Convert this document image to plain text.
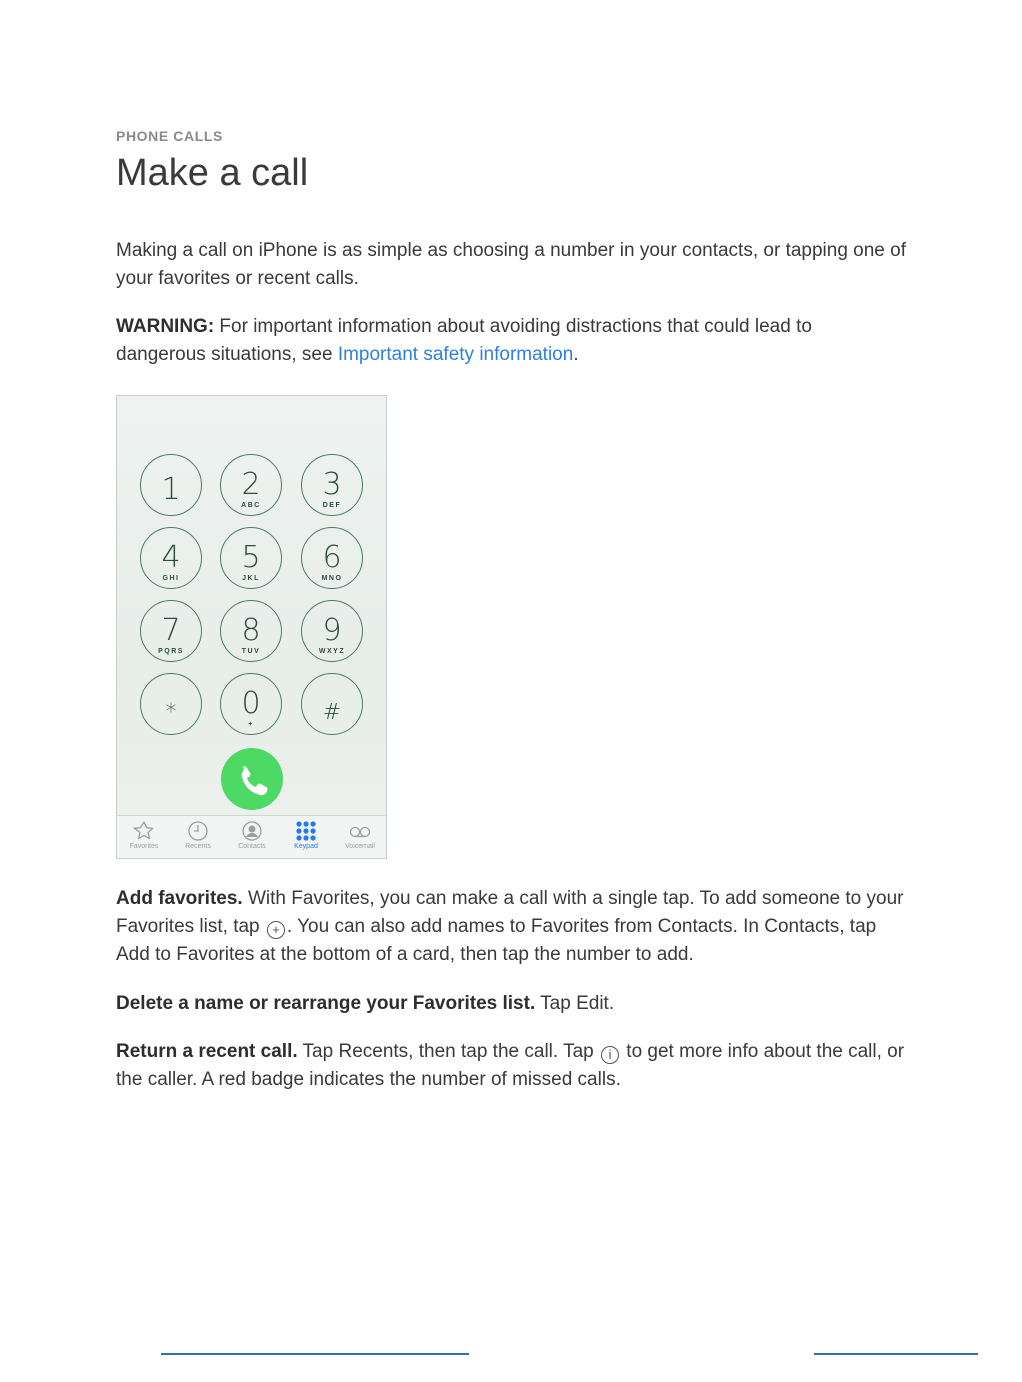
PHONE CALLS
Make a call

Making a call on iPhone is as simple as choosing a number in your contacts, or tapping one of your favorites or recent calls.

WARNING: For important information about avoiding distractions that could lead to dangerous situations, see Important safety information.

1	2
ABC
3
DEF
4
GHI
5
JKL
6
MNO
7
PQRS
8
TUV
9
WXYZ
*	0
+	#
Favorites	Recents	Contacts	Keypad	Voicemail

Add favorites. With Favorites, you can make a call with a single tap. To add someone to your Favorites list, tap + . You can also add names to Favorites from Contacts. In Contacts, tap Add to Favorites at the bottom of a card, then tap the number to add.

Delete a name or rearrange your Favorites list. Tap Edit.

Return a recent call. Tap Recents, then tap the call. Tap i to get more info about the call, or the caller. A red badge indicates the number of missed calls.
